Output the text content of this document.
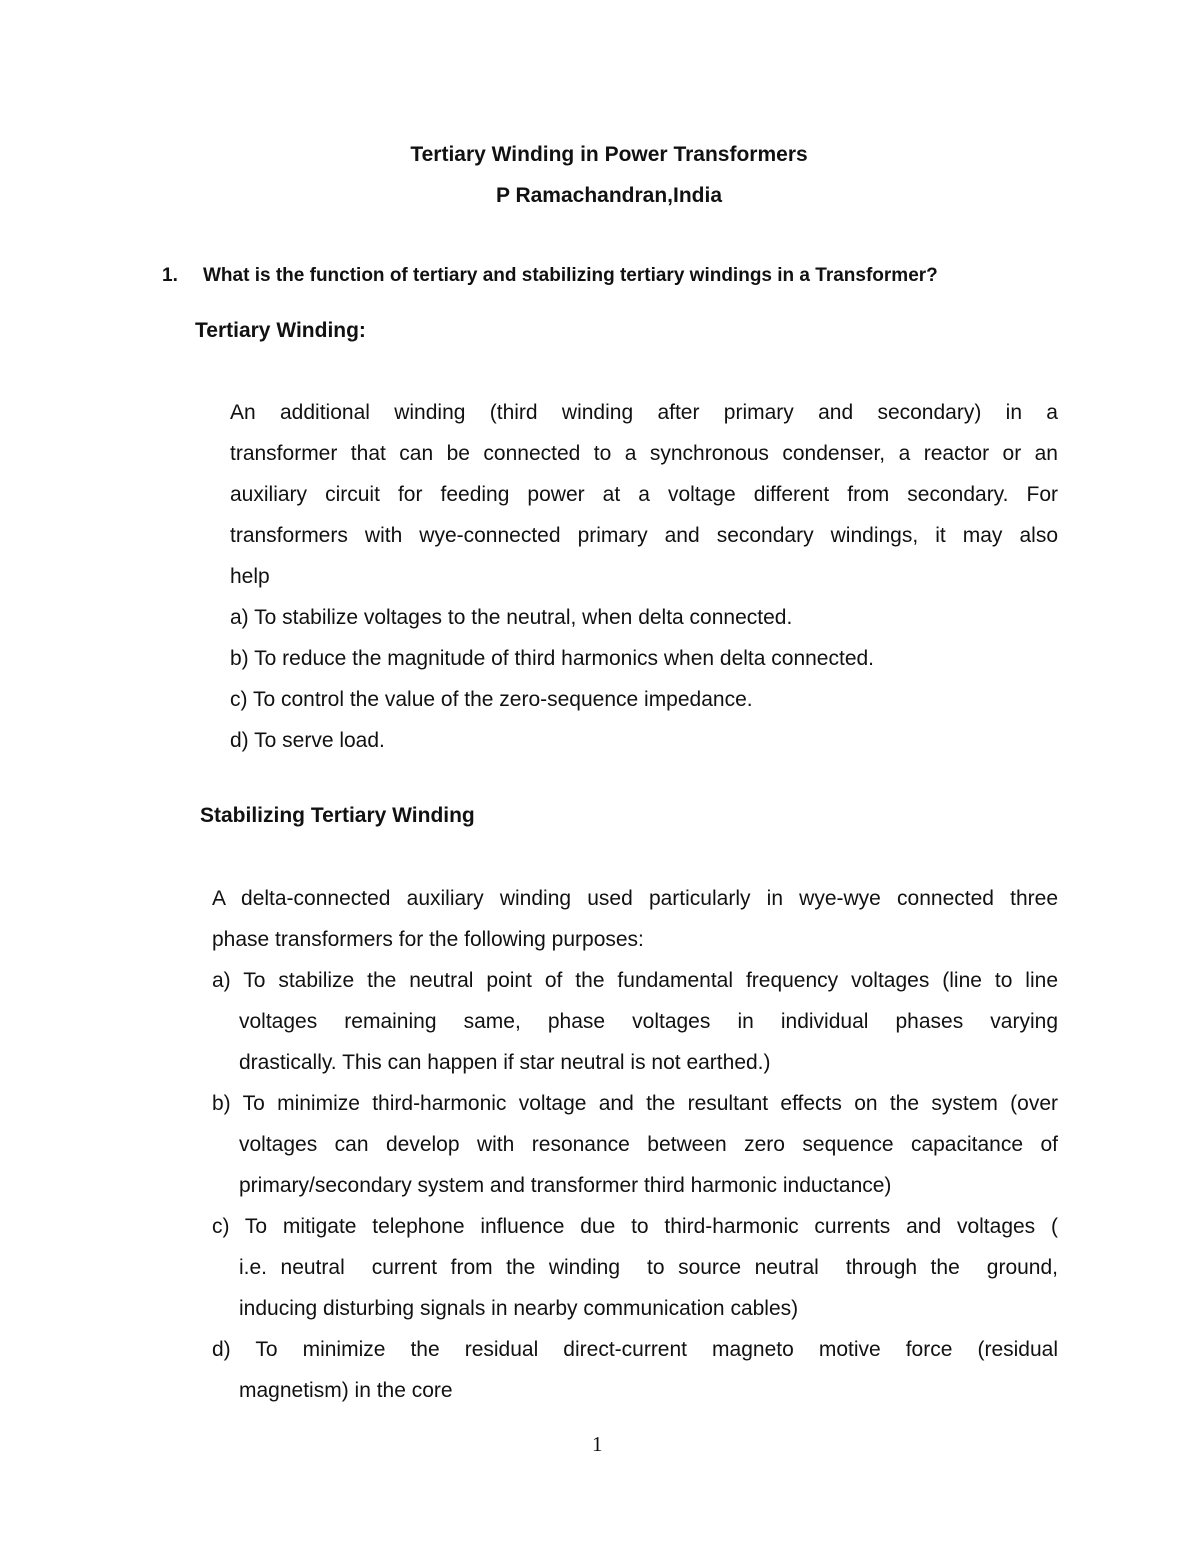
Tertiary Winding in Power Transformers
P Ramachandran,India
1. What is the function of tertiary and stabilizing tertiary windings in a Transformer?
Tertiary Winding:
An additional winding (third winding after primary and secondary) in a
transformer that can be connected to a synchronous condenser, a reactor or an
auxiliary circuit for feeding power at a voltage different from secondary. For
transformers with wye-connected primary and secondary windings, it may also
help
a) To stabilize voltages to the neutral, when delta connected.
b) To reduce the magnitude of third harmonics when delta connected.
c) To control the value of the zero-sequence impedance.
d) To serve load.
Stabilizing Tertiary Winding
A delta-connected auxiliary winding used particularly in wye-wye connected three
phase transformers for the following purposes:
a) To stabilize the neutral point of the fundamental frequency voltages (line to line
voltages remaining same, phase voltages in individual phases varying
drastically. This can happen if star neutral is not earthed.)
b) To minimize third-harmonic voltage and the resultant effects on the system (over
voltages can develop with resonance between zero sequence capacitance of
primary/secondary system and transformer third harmonic inductance)
c) To mitigate telephone influence due to third-harmonic currents and voltages (
i.e. neutral  current from the winding  to source neutral  through the  ground,
inducing disturbing signals in nearby communication cables)
d) To minimize the residual direct-current magneto motive force (residual
magnetism) in the core
1
